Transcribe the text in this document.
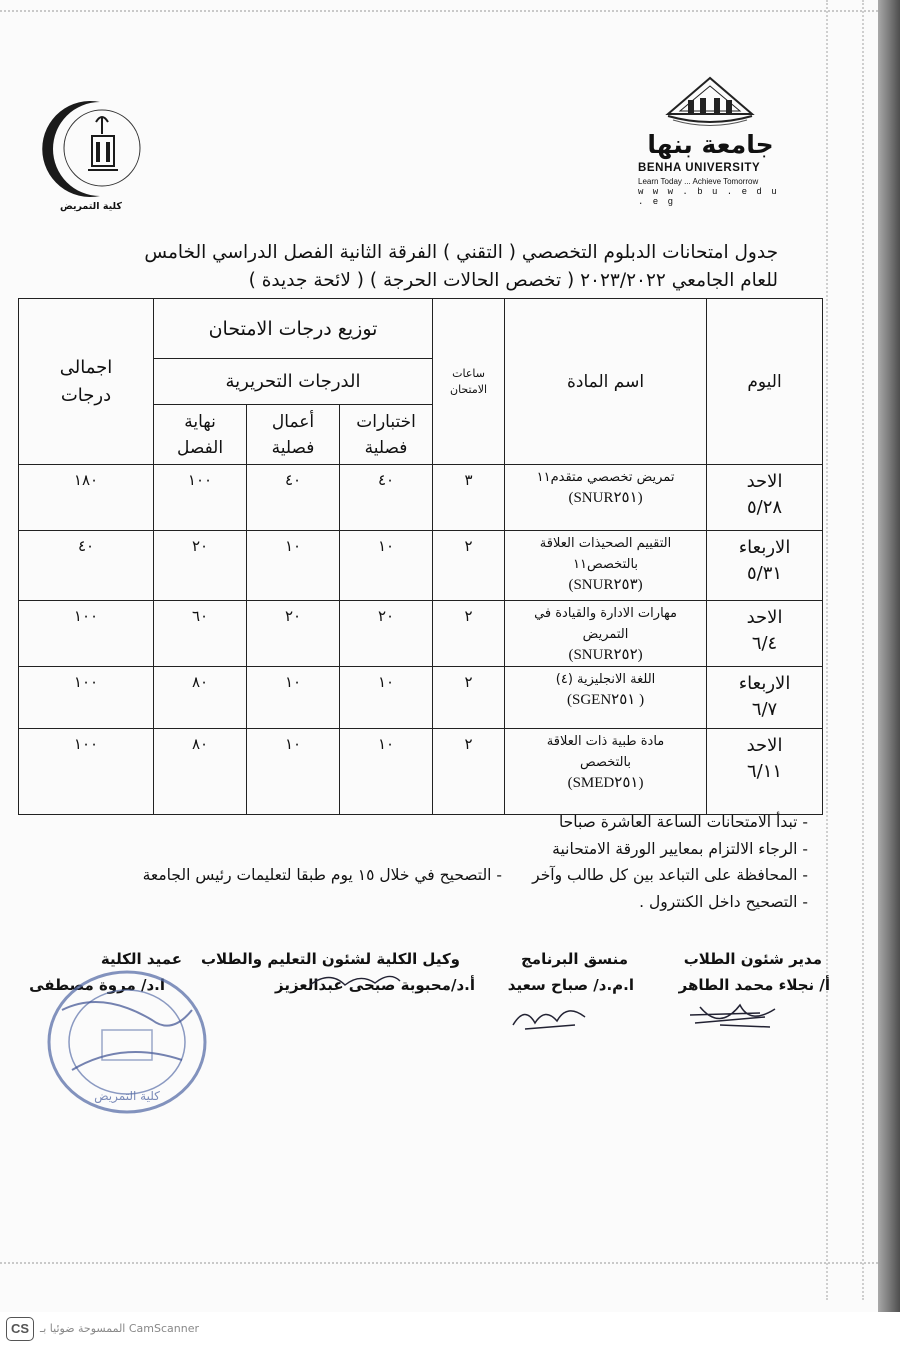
جامعة بنها
BENHA UNIVERSITY
Learn Today ... Achieve Tomorrow
w w w . b u . e d u . e g
كلية التمريض
جدول امتحانات الدبلوم التخصصي ( التقني ) الفرقة الثانية الفصل الدراسي الخامس
للعام الجامعي ٢٠٢٣/٢٠٢٢ ( تخصص الحالات الحرجة ) ( لائحة جديدة )
اليوم	اسم المادة	ساعات الامتحان	توزيع درجات الامتحان			اجمالى درجات

			الدرجات التحريرية			

			اختبارات فصلية	أعمال فصلية	نهاية الفصل	

الاحد
٥/٢٨	تمريض تخصصي متقدم١١
(SNUR٢٥١)	٣	٤٠	٤٠	١٠٠	١٨٠

الاربعاء
٥/٣١	التقييم الصحيذات العلاقة بالتخصص١١
(SNUR٢٥٣)	٢	١٠	١٠	٢٠	٤٠

الاحد
٦/٤	مهارات الادارة والقيادة في التمريض
(SNUR٢٥٢)	٢	٢٠	٢٠	٦٠	١٠٠

الاربعاء
٦/٧	اللغة الانجليزية (٤)
( SGEN٢٥١)	٢	١٠	١٠	٨٠	١٠٠

الاحد
٦/١١	مادة طبية ذات العلاقة بالتخصص
(SMED٢٥١)	٢	١٠	١٠	٨٠	١٠٠
- تبدأ الامتحانات الساعة العاشرة صباحا
- الرجاء الالتزام بمعايير الورقة الامتحانية
- المحافظة على التباعد بين كل طالب وآخر
- التصحيح في خلال ١٥ يوم طبقا لتعليمات رئيس الجامعة
- التصحيح داخل الكنترول .
مدير شئون الطلاب
أ/ نجلاء محمد الطاهر
منسق البرنامج
ا.م.د/ صباح سعيد
وكيل الكلية لشئون التعليم والطلاب
أ.د/محبوبة صبحى عبدالعزيز
عميد الكلية
ا.د/ مروة مصطفى
كلية التمريض
CS الممسوحة ضوئيا بـ CamScanner
